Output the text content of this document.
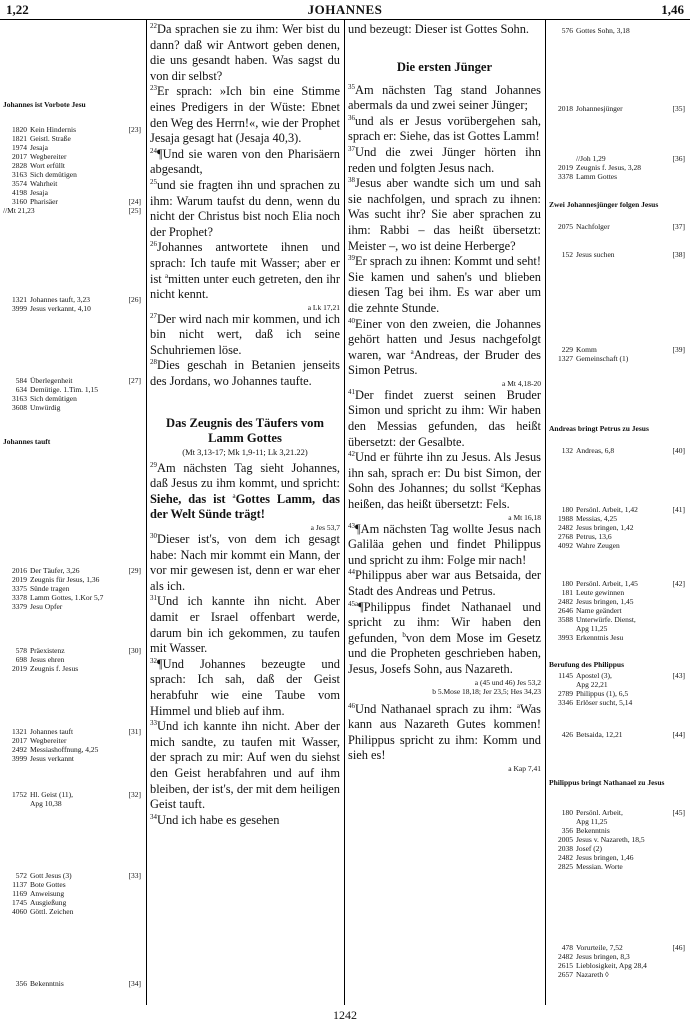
1,22	JOHANNES	1,46
Johannes ist Vorbote Jesu
1820 Kein Hindernis	[23]
1821 Geistl. Straße
1974 Jesaja
2017 Wegbereiter
2828 Wort erfüllt
3163 Sich demütigen
3574 Wahrheit
4198 Jesaja
3160 Pharisäer	[24]
//Mt 21,23	[25]
1321 Johannes tauft, 3,23	[26]
3999 Jesus verkannt, 4,10
584 Überlegenheit	[27]
634 Demütige. 1.Tim. 1,15
3163 Sich demütigen
3608 Unwürdig
Johannes tauft
2016 Der Täufer, 3,26	[29]
2019 Zeugnis für Jesus, 1,36
3375 Sünde tragen
3378 Lamm Gottes, 1.Kor 5,7
3379 Jesu Opfer
578 Präexistenz	[30]
698 Jesus ehren
2019 Zeugnis f. Jesus
1321 Johannes tauft	[31]
2017 Wegbereiter
2492 Messiashoffnung, 4,25
3999 Jesus verkannt
1752 Hl. Geist (11),	[32]
Apg 10,38
572 Gott Jesus (3)	[33]
1137 Bote Gottes
1169 Anweisung
1745 Ausgießung
4060 Göttl. Zeichen
356 Bekenntnis	[34]
576 Gottes Sohn, 3,18
2018 Johannesjünger	[35]
//Joh 1,29	[36]
2019 Zeugnis f. Jesus, 3,28
3378 Lamm Gottes
Zwei Johannesjünger folgen Jesus
2075 Nachfolger	[37]
152 Jesus suchen	[38]
229 Komm	[39]
1327 Gemeinschaft (1)
Andreas bringt Petrus zu Jesus
132 Andreas, 6,8	[40]
180 Persönl. Arbeit, 1,42	[41]
1988 Messias, 4,25
2482 Jesus bringen, 1,42
2768 Petrus, 13,6
4092 Wahre Zeugen
180 Persönl. Arbeit, 1,45	[42]
181 Leute gewinnen
2482 Jesus bringen, 1,45
2646 Name geändert
3588 Unterwürfe. Dienst,
Apg 11,25
3993 Erkenntnis Jesu
Berufung des Philippus
1145 Apostel (3),	[43]
Apg 22,21
2789 Philippus (1), 6,5
3346 Erlöser sucht, 5,14
426 Betsaida, 12,21	[44]
Philippus bringt Nathanael zu Jesus
180 Persönl. Arbeit,	[45]
Apg 11,25
356 Bekenntnis
2005 Jesus v. Nazareth, 18,5
2038 Josef (2)
2482 Jesus bringen, 1,46
2825 Messian. Worte
478 Vorurteile, 7,52	[46]
2482 Jesus bringen, 8,3
2615 Lieblosigkeit, Apg 28,4
2657 Nazareth ◊

$^{22}$Da sprachen sie zu ihm: Wer bist du dann? daß wir Antwort geben denen, die uns gesandt haben. Was sagst du von dir selbst?

$^{23}$Er sprach: »Ich bin eine Stimme eines Predigers in der Wüste: Ebnet den Weg des Herrn!«, wie der Prophet Jesaja gesagt hat (Jesaja 40,3).

$^{24}$¶Und sie waren von den Pharisäern abgesandt,

$^{25}$und sie fragten ihn und sprachen zu ihm: Warum taufst du denn, wenn du nicht der Christus bist noch Elia noch der Prophet?

$^{26}$Johannes antwortete ihnen und sprach: Ich taufe mit Wasser; aber er ist $^a$mitten unter euch getreten, den ihr nicht kennt.

a Lk 17,21

$^{27}$Der wird nach mir kommen, und ich bin nicht wert, daß ich seine Schuhriemen löse.

$^{28}$Dies geschah in Betanien jenseits des Jordans, wo Johannes taufte.

Das Zeugnis des Täufers vom Lamm Gottes
(Mt 3,13-17; Mk 1,9-11; Lk 3,21.22)

$^{29}$Am nächsten Tag sieht Johannes, daß Jesus zu ihm kommt, und spricht: Siehe, das ist $^a$Gottes Lamm, das der Welt Sünde trägt!

a Jes 53,7

$^{30}$Dieser ist's, von dem ich gesagt habe: Nach mir kommt ein Mann, der vor mir gewesen ist, denn er war eher als ich.

$^{31}$Und ich kannte ihn nicht. Aber damit er Israel offenbart werde, darum bin ich gekommen, zu taufen mit Wasser.

$^{32}$¶Und Johannes bezeugte und sprach: Ich sah, daß der Geist herabfuhr wie eine Taube vom Himmel und blieb auf ihm.

$^{33}$Und ich kannte ihn nicht. Aber der mich sandte, zu taufen mit Wasser, der sprach zu mir: Auf wen du siehst den Geist herabfahren und auf ihm bleiben, der ist's, der mit dem heiligen Geist tauft.

$^{34}$Und ich habe es gesehen

und bezeugt: Dieser ist Gottes Sohn.

Die ersten Jünger

$^{35}$Am nächsten Tag stand Johannes abermals da und zwei seiner Jünger;

$^{36}$und als er Jesus vorübergehen sah, sprach er: Siehe, das ist Gottes Lamm!

$^{37}$Und die zwei Jünger hörten ihn reden und folgten Jesus nach.

$^{38}$Jesus aber wandte sich um und sah sie nachfolgen, und sprach zu ihnen: Was sucht ihr? Sie aber sprachen zu ihm: Rabbi – das heißt übersetzt: Meister –, wo ist deine Herberge?

$^{39}$Er sprach zu ihnen: Kommt und seht! Sie kamen und sahen's und blieben diesen Tag bei ihm. Es war aber um die zehnte Stunde.

$^{40}$Einer von den zweien, die Johannes gehört hatten und Jesus nachgefolgt waren, war $^a$Andreas, der Bruder des Simon Petrus.

a Mt 4,18-20

$^{41}$Der findet zuerst seinen Bruder Simon und spricht zu ihm: Wir haben den Messias gefunden, das heißt übersetzt: der Gesalbte.

$^{42}$Und er führte ihn zu Jesus. Als Jesus ihn sah, sprach er: Du bist Simon, der Sohn des Johannes; du sollst $^a$Kephas heißen, das heißt übersetzt: Fels.

a Mt 16,18

$^{43}$¶Am nächsten Tag wollte Jesus nach Galiläa gehen und findet Philippus und spricht zu ihm: Folge mir nach!

$^{44}$Philippus aber war aus Betsaida, der Stadt des Andreas und Petrus.

$^{45a}$¶Philippus findet Nathanael und spricht zu ihm: Wir haben den gefunden, $^b$von dem Mose im Gesetz und die Propheten geschrieben haben, Jesus, Josefs Sohn, aus Nazareth.

a (45 und 46) Jes 53,2
b 5.Mose 18,18; Jer 23,5; Hes 34,23

$^{46}$Und Nathanael sprach zu ihm: $^a$Was kann aus Nazareth Gutes kommen! Philippus spricht zu ihm: Komm und sieh es!

a Kap 7,41
1242
